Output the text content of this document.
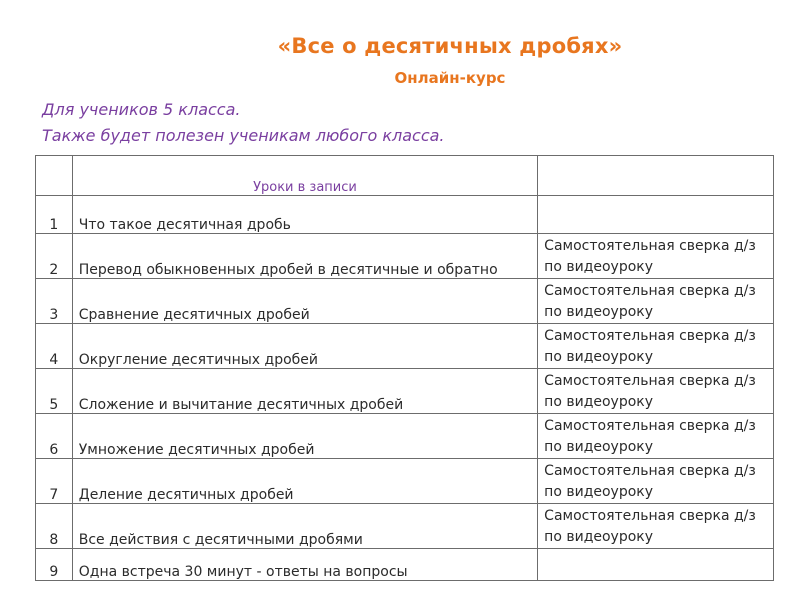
«Все о десятичных дробях»
Онлайн-курс
Для учеников 5 класса.
Также будет полезен ученикам любого класса.
	Уроки в записи	
1	Что такое десятичная дробь	
2	Перевод обыкновенных дробей в десятичные и обратно	Самостоятельная сверка д/з
по видеоуроку

3	Сравнение десятичных дробей	Самостоятельная сверка д/з
по видеоуроку

4	Округление десятичных дробей	Самостоятельная сверка д/з
по видеоуроку

5	Сложение и вычитание десятичных дробей	Самостоятельная сверка д/з
по видеоуроку

6	Умножение десятичных дробей	Самостоятельная сверка д/з
по видеоуроку

7	Деление десятичных дробей	Самостоятельная сверка д/з
по видеоуроку

8	Все действия с десятичными дробями	Самостоятельная сверка д/з
по видеоуроку

9	Одна встреча 30 минут - ответы на вопросы	
